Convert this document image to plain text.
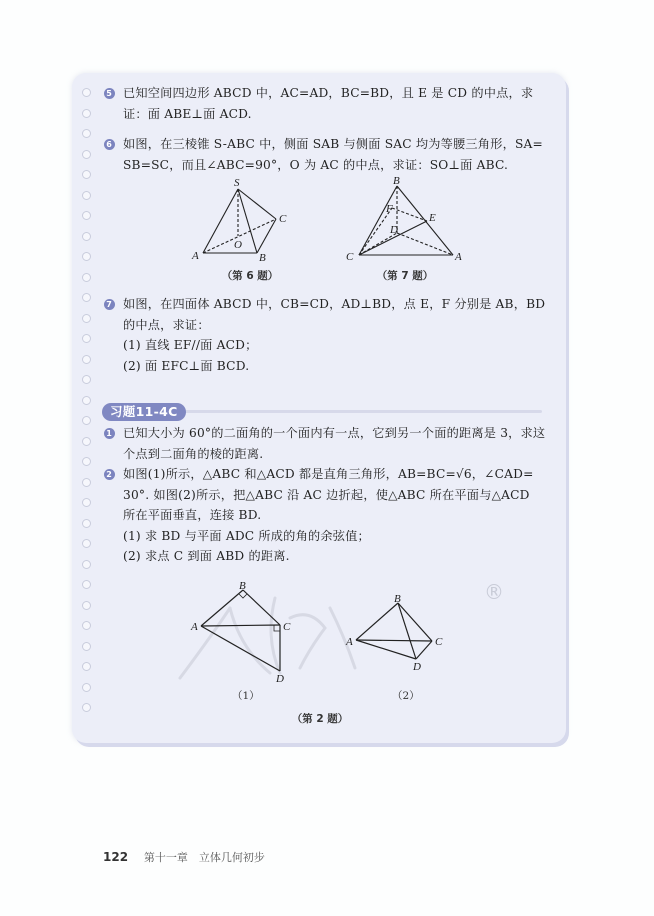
5 已知空间四边形 ABCD 中，AC=AD，BC=BD，且 E 是 CD 的中点，求
证：面 ABE⊥面 ACD.
6 如图，在三棱锥 S-ABC 中，侧面 SAB 与侧面 SAC 均为等腰三角形，SA=
SB=SC，而且∠ABC=90°，O 为 AC 的中点，求证：SO⊥面 ABC.
S
C
O
A	B
（第 6 题）
B
F
E
D
C	A
（第 7 题）
7 如图，在四面体 ABCD 中，CB=CD，AD⊥BD，点 E，F 分别是 AB，BD
的中点，求证：
(1) 直线 EF//面 ACD；
(2) 面 EFC⊥面 BCD.
习题11-4C
1 已知大小为 60°的二面角的一个面内有一点，它到另一个面的距离是 3，求这
个点到二面角的棱的距离.
2 如图(1)所示，△ABC 和△ACD 都是直角三角形，AB=BC=√6，∠CAD=
30°. 如图(2)所示，把△ABC 沿 AC 边折起，使△ABC 所在平面与△ACD
所在平面垂直，连接 BD.
(1) 求 BD 与平面 ADC 所成的角的余弦值；
(2) 求点 C 到面 ABD 的距离.
®
B
A	C
D
（1）
B
A	C
D
（2）
（第 2 题）
122 第十一章　立体几何初步
